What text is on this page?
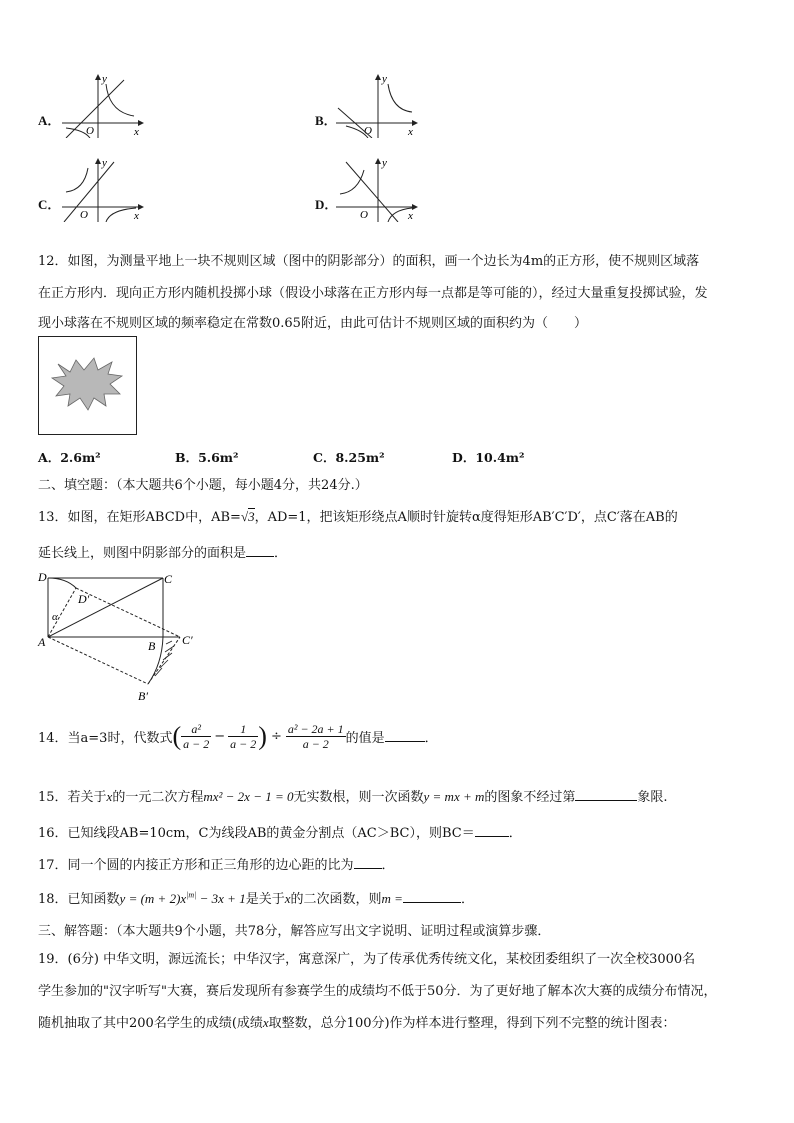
A．
y
x
O
B．
y
x
O
C．
y
x
O
D．
y
x
O
12．如图，为测量平地上一块不规则区域（图中的阴影部分）的面积，画一个边长为4m的正方形，使不规则区域落
在正方形内．现向正方形内随机投掷小球（假设小球落在正方形内每一点都是等可能的），经过大量重复投掷试验，发
现小球落在不规则区域的频率稳定在常数0.65附近，由此可估计不规则区域的面积约为（　　）
A．2.6m²	B．5.6m²	C．8.25m²	D．10.4m²
二、填空题：（本大题共6个小题，每小题4分，共24分.）
13．如图，在矩形ABCD中，AB=√3，AD=1，把该矩形绕点A顺时针旋转α度得矩形AB′C′D′，点C′落在AB的
延长线上，则图中阴影部分的面积是 ．
D	C
D′
α
A	B C′
B′
14．当a=3时，代数式( $\frac{\text{a²}}{a - 2} - \frac{1}{a - 2}$ ) ÷ $\frac{\text{a² − 2a + 1}}{a - 2}$ 的值是	．
15．若关于x的一元二次方程mx² − 2x − 1 = 0无实数根，则一次函数y = mx + m的图象不经过第	象限.
16．已知线段AB=10cm，C为线段AB的黄金分割点（AC＞BC），则BC＝	．
17．同一个圆的内接正方形和正三角形的边心距的比为 ．
18．已知函数$y = (m + 2)x^{|m|} - 3x + 1$是关于x的二次函数，则m =	．
三、解答题：（本大题共9个小题，共78分，解答应写出文字说明、证明过程或演算步骤．
19．(6分) 中华文明，源远流长；中华汉字，寓意深广，为了传承优秀传统文化，某校团委组织了一次全校3000名
学生参加的"汉字听写"大赛，赛后发现所有参赛学生的成绩均不低于50分．为了更好地了解本次大赛的成绩分布情况，
随机抽取了其中200名学生的成绩(成绩x取整数，总分100分)作为样本进行整理，得到下列不完整的统计图表：
